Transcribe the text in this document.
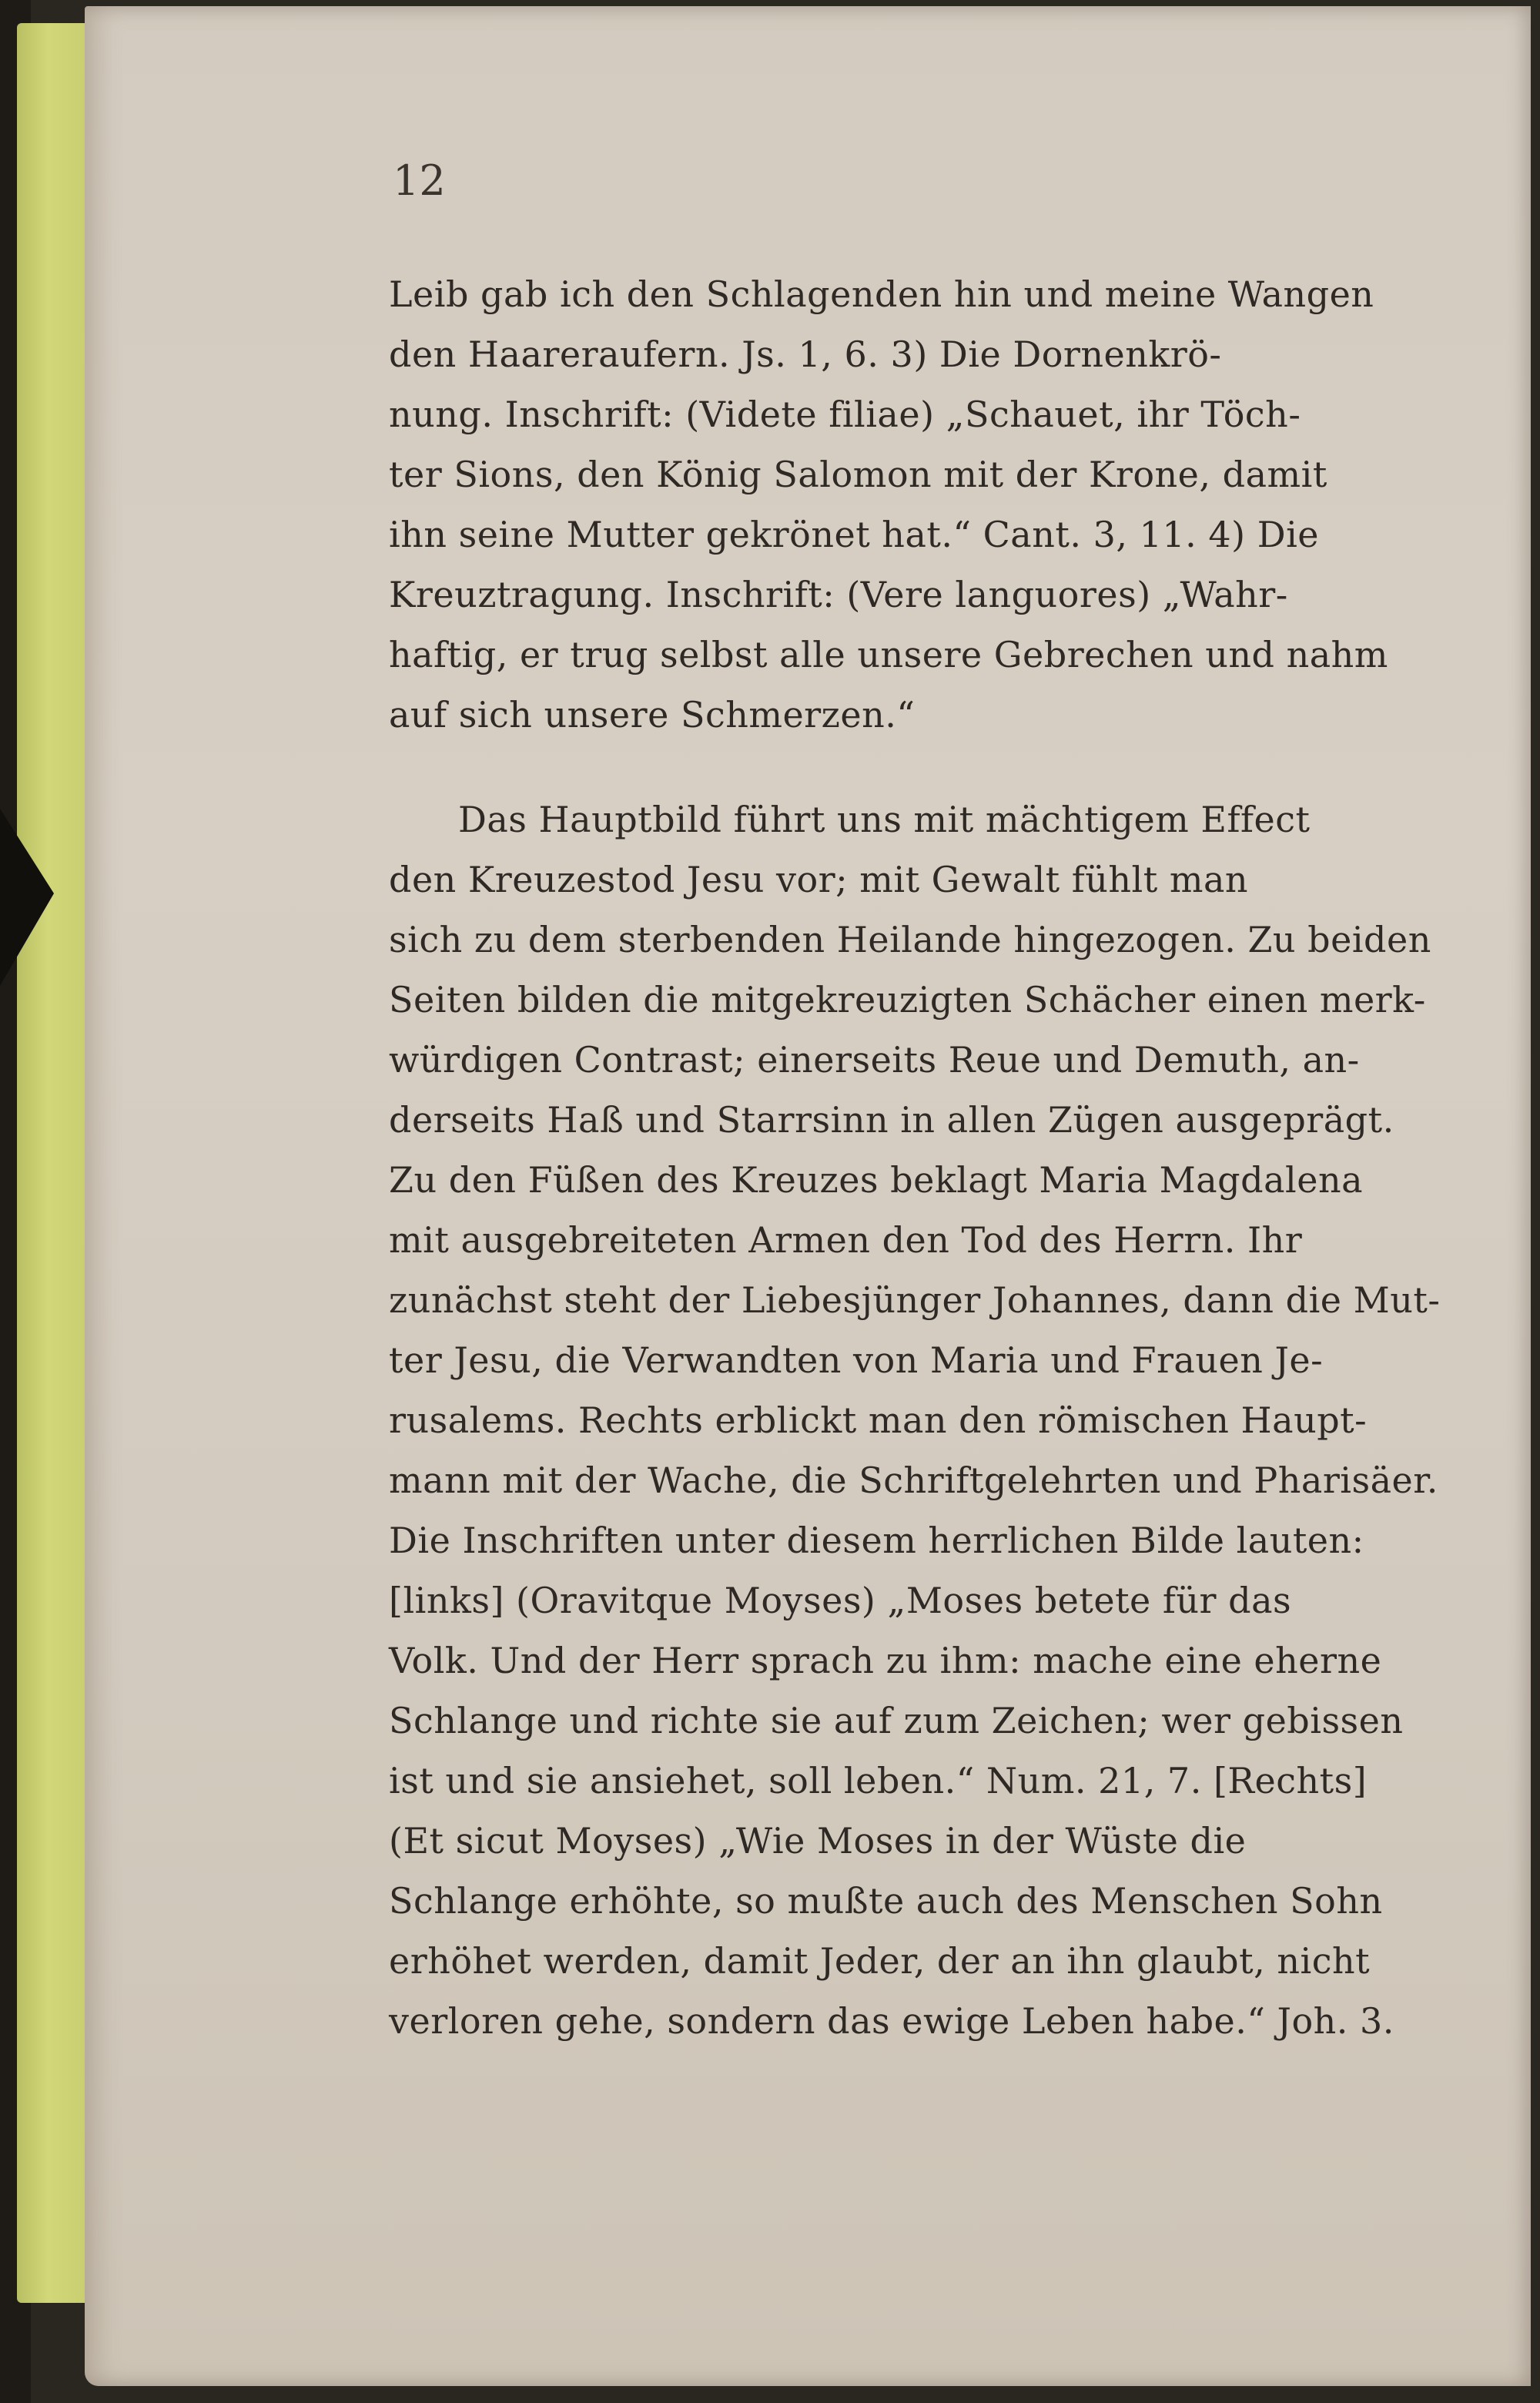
12
Leib gab ich den Schlagenden hin und meine Wangen
den Haareraufern. Js. 1, 6. 3) Die Dornenkrö-
nung. Inschrift: (Videte filiae) „Schauet, ihr Töch-
ter Sions, den König Salomon mit der Krone, damit
ihn seine Mutter gekrönet hat.“ Cant. 3, 11. 4) Die
Kreuztragung. Inschrift: (Vere languores) „Wahr-
haftig, er trug selbst alle unsere Gebrechen und nahm
auf sich unsere Schmerzen.“
Das Hauptbild führt uns mit mächtigem Effect
den Kreuzestod Jesu vor; mit Gewalt fühlt man
sich zu dem sterbenden Heilande hingezogen. Zu beiden
Seiten bilden die mitgekreuzigten Schächer einen merk-
würdigen Contrast; einerseits Reue und Demuth, an-
derseits Haß und Starrsinn in allen Zügen ausgeprägt.
Zu den Füßen des Kreuzes beklagt Maria Magdalena
mit ausgebreiteten Armen den Tod des Herrn. Ihr
zunächst steht der Liebesjünger Johannes, dann die Mut-
ter Jesu, die Verwandten von Maria und Frauen Je-
rusalems. Rechts erblickt man den römischen Haupt-
mann mit der Wache, die Schriftgelehrten und Pharisäer.
Die Inschriften unter diesem herrlichen Bilde lauten:
[links] (Oravitque Moyses) „Moses betete für das
Volk. Und der Herr sprach zu ihm: mache eine eherne
Schlange und richte sie auf zum Zeichen; wer gebissen
ist und sie ansiehet, soll leben.“ Num. 21, 7. [Rechts]
(Et sicut Moyses) „Wie Moses in der Wüste die
Schlange erhöhte, so mußte auch des Menschen Sohn
erhöhet werden, damit Jeder, der an ihn glaubt, nicht
verloren gehe, sondern das ewige Leben habe.“ Joh. 3.
